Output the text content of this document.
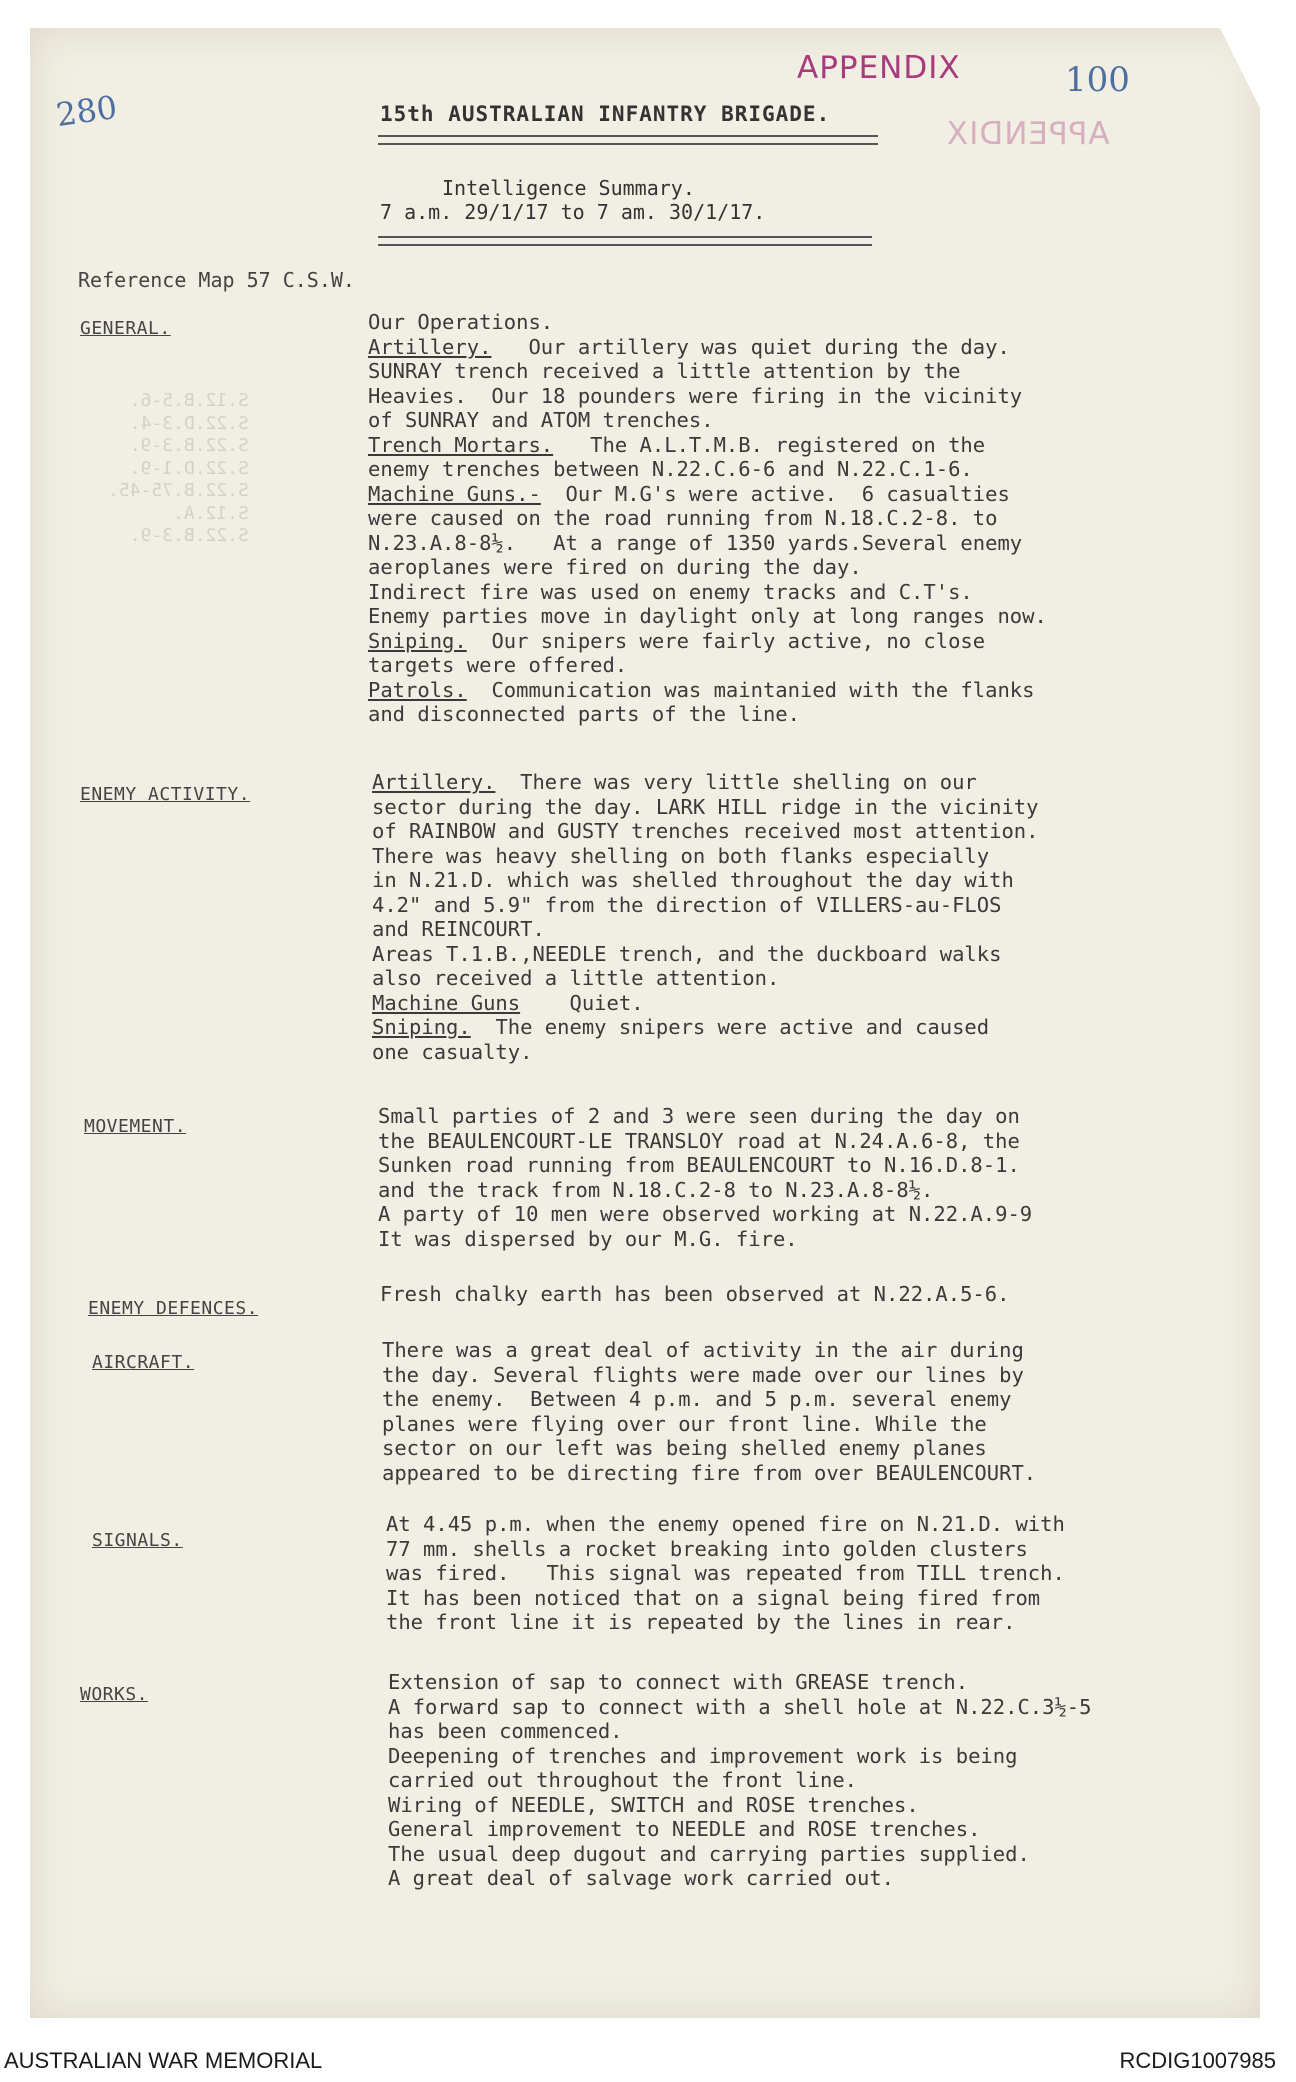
S.12.B.5-6.
S.22.D.3-4.
S.22.B.3-9.
S.22.D.1-9.
S.22.B.75-45.
S.12.A.
S.22.B.3-9.
APPENDIX
APPENDIX
100
280	15th AUSTRALIAN INFANTRY BRIGADE.
Intelligence Summary.
7 a.m. 29/1/17 to 7 am. 30/1/17.
Reference Map 57 C.S.W.
GENERAL.	Our Operations.
Artillery. Our artillery was quiet during the day.
SUNRAY trench received a little attention by the
Heavies.  Our 18 pounders were firing in the vicinity
of SUNRAY and ATOM trenches.
Trench Mortars. The A.L.T.M.B. registered on the
enemy trenches between N.22.C.6-6 and N.22.C.1-6.
Machine Guns.- Our M.G's were active.  6 casualties
were caused on the road running from N.18.C.2-8. to
N.23.A.8-8½.   At a range of 1350 yards.Several enemy
aeroplanes were fired on during the day.
Indirect fire was used on enemy tracks and C.T's.
Enemy parties move in daylight only at long ranges now.
Sniping. Our snipers were fairly active, no close
targets were offered.
Patrols. Communication was maintanied with the flanks
and disconnected parts of the line.
ENEMY ACTIVITY.
Artillery. There was very little shelling on our
sector during the day. LARK HILL ridge in the vicinity
of RAINBOW and GUSTY trenches received most attention.
There was heavy shelling on both flanks especially
in N.21.D. which was shelled throughout the day with
4.2" and 5.9" from the direction of VILLERS-au-FLOS
and REINCOURT.
Areas T.1.B.,NEEDLE trench, and the duckboard walks
also received a little attention.
Machine Guns Quiet.
Sniping. The enemy snipers were active and caused
one casualty.
MOVEMENT.	Small parties of 2 and 3 were seen during the day on
the BEAULENCOURT-LE TRANSLOY road at N.24.A.6-8, the
Sunken road running from BEAULENCOURT to N.16.D.8-1.
and the track from N.18.C.2-8 to N.23.A.8-8½.
A party of 10 men were observed working at N.22.A.9-9
It was dispersed by our M.G. fire.
ENEMY DEFENCES.
Fresh chalky earth has been observed at N.22.A.5-6.
AIRCRAFT.
There was a great deal of activity in the air during
the day. Several flights were made over our lines by
the enemy.  Between 4 p.m. and 5 p.m. several enemy
planes were flying over our front line. While the
sector on our left was being shelled enemy planes
appeared to be directing fire from over BEAULENCOURT.
SIGNALS.
At 4.45 p.m. when the enemy opened fire on N.21.D. with
77 mm. shells a rocket breaking into golden clusters
was fired.   This signal was repeated from TILL trench.
It has been noticed that on a signal being fired from
the front line it is repeated by the lines in rear.
WORKS.
Extension of sap to connect with GREASE trench.
A forward sap to connect with a shell hole at N.22.C.3½-5
has been commenced.
Deepening of trenches and improvement work is being
carried out throughout the front line.
Wiring of NEEDLE, SWITCH and ROSE trenches.
General improvement to NEEDLE and ROSE trenches.
The usual deep dugout and carrying parties supplied.
A great deal of salvage work carried out.
AUSTRALIAN WAR MEMORIAL	RCDIG1007985
